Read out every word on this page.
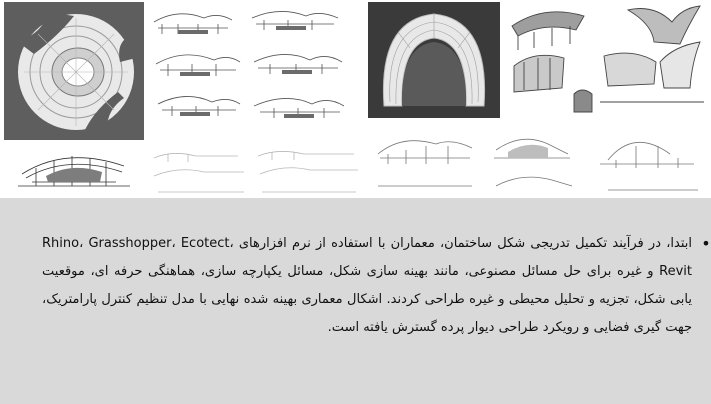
•

ابتدا، در فرآیند تکمیل تدریجی شکل ساختمان، معماران با استفاده از نرم افزارهای Rhino، Grasshopper، Ecotect، Revit و غیره برای حل مسائل مصنوعی، مانند بهینه سازی شکل، مسائل یکپارچه سازی، هماهنگی حرفه ای، موقعیت یابی شکل، تجزیه و تحلیل محیطی و غیره طراحی کردند. اشکال معماری بهینه شده نهایی با مدل تنظیم کنترل پارامتریک، جهت گیری فضایی و رویکرد طراحی دیوار پرده گسترش یافته است.
